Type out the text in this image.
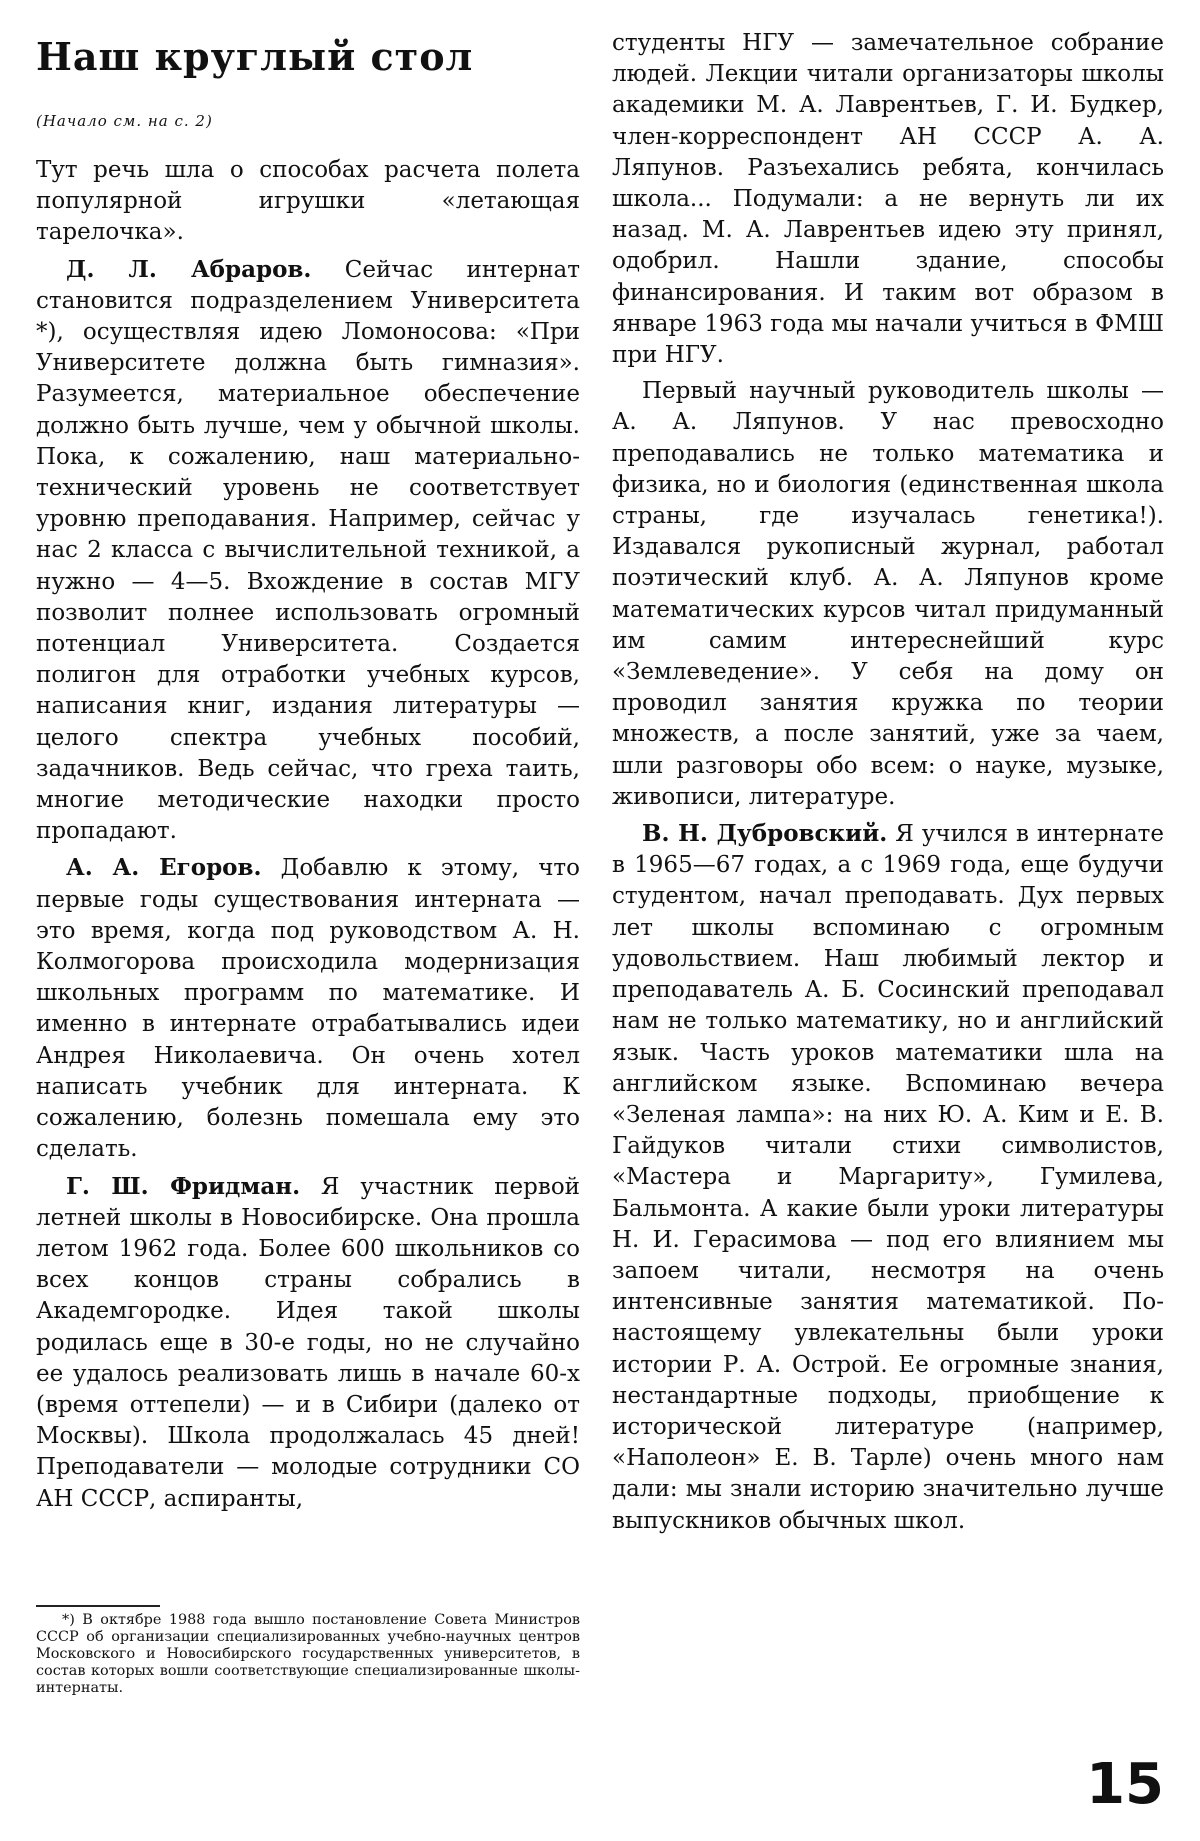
Наш круглый стол
(Начало см. на с. 2)

Тут речь шла о способах расчета полета популярной игрушки «летающая тарелочка».

Д. Л. Абраров. Сейчас интернат становится подразделением Университета *), осуществляя идею Ломоносова: «При Университете должна быть гимназия». Разумеется, материальное обеспечение должно быть лучше, чем у обычной школы. Пока, к сожалению, наш материально-технический уровень не соответствует уровню преподавания. Например, сейчас у нас 2 класса с вычислительной техникой, а нужно — 4—5. Вхождение в состав МГУ позволит полнее использовать огромный потенциал Университета. Создается полигон для отработки учебных курсов, написания книг, издания литературы — целого спектра учебных пособий, задачников. Ведь сейчас, что греха таить, многие методические находки просто пропадают.

А. А. Егоров. Добавлю к этому, что первые годы существования интерната — это время, когда под руководством А. Н. Колмогорова происходила модернизация школьных программ по математике. И именно в интернате отрабатывались идеи Андрея Николаевича. Он очень хотел написать учебник для интерната. К сожалению, болезнь помешала ему это сделать.

Г. Ш. Фридман. Я участник первой летней школы в Новосибирске. Она прошла летом 1962 года. Более 600 школьников со всех концов страны собрались в Академгородке. Идея такой школы родилась еще в 30-е годы, но не случайно ее удалось реализовать лишь в начале 60-х (время оттепели) — и в Сибири (далеко от Москвы). Школа продолжалась 45 дней! Преподаватели — молодые сотрудники СО АН СССР, аспиранты,

*) В октябре 1988 года вышло постановление Совета Министров СССР об организации специализированных учебно-научных центров Московского и Новосибирского государственных университетов, в состав которых вошли соответствующие специализированные школы-интернаты.

студенты НГУ — замечательное собрание людей. Лекции читали организаторы школы академики М. А. Лаврентьев, Г. И. Будкер, член-корреспондент АН СССР А. А. Ляпунов. Разъехались ребята, кончилась школа... Подумали: а не вернуть ли их назад. М. А. Лаврентьев идею эту принял, одобрил. Нашли здание, способы финансирования. И таким вот образом в январе 1963 года мы начали учиться в ФМШ при НГУ.

Первый научный руководитель школы — А. А. Ляпунов. У нас превосходно преподавались не только математика и физика, но и биология (единственная школа страны, где изучалась генетика!). Издавался рукописный журнал, работал поэтический клуб. А. А. Ляпунов кроме математических курсов читал придуманный им самим интереснейший курс «Землеведение». У себя на дому он проводил занятия кружка по теории множеств, а после занятий, уже за чаем, шли разговоры обо всем: о науке, музыке, живописи, литературе.

В. Н. Дубровский. Я учился в интернате в 1965—67 годах, а с 1969 года, еще будучи студентом, начал преподавать. Дух первых лет школы вспоминаю с огромным удовольствием. Наш любимый лектор и преподаватель А. Б. Сосинский преподавал нам не только математику, но и английский язык. Часть уроков математики шла на английском языке. Вспоминаю вечера «Зеленая лампа»: на них Ю. А. Ким и Е. В. Гайдуков читали стихи символистов, «Мастера и Маргариту», Гумилева, Бальмонта. А какие были уроки литературы Н. И. Герасимова — под его влиянием мы запоем читали, несмотря на очень интенсивные занятия математикой. По-настоящему увлекательны были уроки истории Р. А. Острой. Ее огромные знания, нестандартные подходы, приобщение к исторической литературе (например, «Наполеон» Е. В. Тарле) очень много нам дали: мы знали историю значительно лучше выпускников обычных школ.

15
